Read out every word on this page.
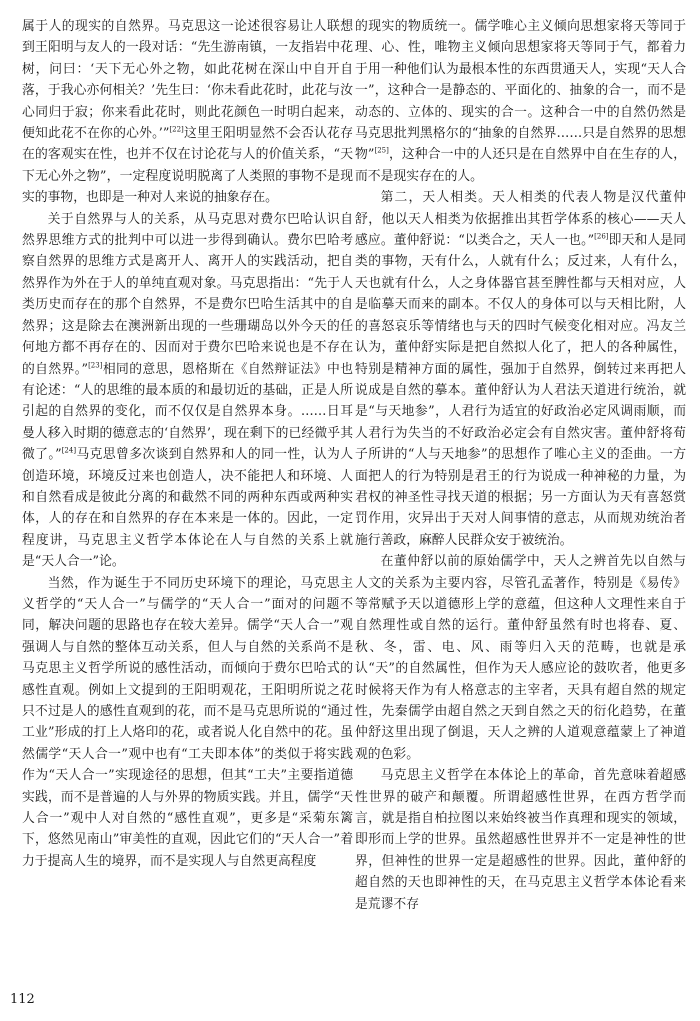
属于人的现实的自然界。马克思这一论述很容易让人联想到王阳明与友人的一段对话：“先生游南镇，一友指岩中花树，问曰：‘天下无心外之物，如此花树在深山中自开自落，于我心亦何相关？’先生曰：‘你未看此花时，此花与汝心同归于寂；你来看此花时，则此花颜色一时明白起来，便知此花不在你的心外。’”[22]这里王阳明显然不会否认花存在的客观实在性，也并不仅在讨论花与人的价值关系，“天下无心外之物”，一定程度说明脱离了人类照的事物不是现实的事物，也即是一种对人来说的抽象存在。

关于自然界与人的关系，从马克思对费尔巴哈认识自然界思维方式的批判中可以进一步得到确认。费尔巴哈考察自然界的思维方式是离开人、离开人的实践活动，把自然界作为外在于人的单纯直观对象。马克思指出：“先于人类历史而存在的那个自然界，不是费尔巴哈生活其中的自然界；这是除去在澳洲新出现的一些珊瑚岛以外今天的任何地方都不再存在的、因而对于费尔巴哈来说也是不存在的自然界。”[23]相同的意思，恩格斯在《自然辩证法》中也有论述：“人的思维的最本质的和最切近的基础，正是人所引起的自然界的变化，而不仅仅是自然界本身。……日耳曼人移入时期的德意志的‘自然界’，现在剩下的已经微乎其微了。”[24]马克思曾多次谈到自然界和人的同一性，认为人创造环境，环境反过来也创造人，决不能把人和环境、人和自然看成是彼此分离的和截然不同的两种东西或两种实体，人的存在和自然界的存在本来是一体的。因此，一定程度讲，马克思主义哲学本体论在人与自然的关系上就是“天人合一”论。

当然，作为诞生于不同历史环境下的理论，马克思主义哲学的“天人合一”与儒学的“天人合一”面对的问题不同，解决问题的思路也存在较大差异。儒学“天人合一”观强调人与自然的整体互动关系，但人与自然的关系尚不是马克思主义哲学所说的感性活动，而倾向于费尔巴哈式的感性直观。例如上文提到的王阳明观花，王阳明所说之花只不过是人的感性直观到的花，而不是马克思所说的“通过工业”形成的打上人烙印的花，或者说人化自然中的花。虽然儒学“天人合一”观中也有“工夫即本体”的类似于将实践作为“天人合一”实现途径的思想，但其“工夫”主要指道德实践，而不是普遍的人与外界的物质实践。并且，儒学“天人合一”观中人对自然的“感性直观”，更多是“采菊东篱下，悠然见南山”审美性的直观，因此它们的“天人合一”着力于提高人生的境界，而不是实现人与自然更高程度

的现实的物质统一。儒学唯心主义倾向思想家将天等同于理、心、性，唯物主义倾向思想家将天等同于气，都着力于用一种他们认为最根本性的东西贯通天人，实现“天人合一”，这种合一是静态的、平面化的、抽象的合一，而不是动态的、立体的、现实的合一。这种合一中的自然仍然是马克思批判黑格尔的“抽象的自然界……只是自然界的思想物”[25]，这种合一中的人还只是在自然界中自在生存的人，而不是现实存在的人。

第二，天人相类。天人相类的代表人物是汉代董仲舒，他以天人相类为依据推出其哲学体系的核心——天人感应。董仲舒说：“以类合之，天人一也。”[26]即天和人是同类的事物，天有什么，人就有什么；反过来，人有什么，天也就有什么，人之身体器官甚至脾性都与天相对应，人是临摹天而来的副本。不仅人的身体可以与天相比附，人的喜怒哀乐等情绪也与天的四时气候变化相对应。冯友兰认为，董仲舒实际是把自然拟人化了，把人的各种属性，特别是精神方面的属性，强加于自然界，倒转过来再把人说成是自然的摹本。董仲舒认为人君法天道进行统治，就是“与天地参”，人君行为适宜的好政治必定风调雨顺，而人君行为失当的不好政治必定会有自然灾害。董仲舒将荀子所讲的“人与天地参”的思想作了唯心主义的歪曲。一方面把人的行为特别是君王的行为说成一种神秘的力量，为君权的神圣性寻找天道的根据；另一方面认为天有喜怒赏罚作用，灾异出于天对人间事情的意志，从而规劝统治者施行善政，麻醉人民群众安于被统治。

在董仲舒以前的原始儒学中，天人之辨首先以自然与人文的关系为主要内容，尽管孔孟著作，特别是《易传》等常赋予天以道德形上学的意蕴，但这种人文理性来自于自然理性或自然的运行。董仲舒虽然有时也将春、夏、秋、冬，雷、电、风、雨等归入天的范畴，也就是承认“天”的自然属性，但作为天人感应论的鼓吹者，他更多时候将天作为有人格意志的主宰者，天具有超自然的规定性，先秦儒学由超自然之天到自然之天的衍化趋势，在董仲舒这里出现了倒退，天人之辨的人道观意蕴蒙上了神道观的色彩。

马克思主义哲学在本体论上的革命，首先意味着超感性世界的破产和颠覆。所谓超感性世界，在西方哲学而言，就是指自柏拉图以来始终被当作真理和现实的领域，即形而上学的世界。虽然超感性世界并不一定是神性的世界，但神性的世界一定是超感性的世界。因此，董仲舒的超自然的天也即神性的天，在马克思主义哲学本体论看来是荒谬不存

112
